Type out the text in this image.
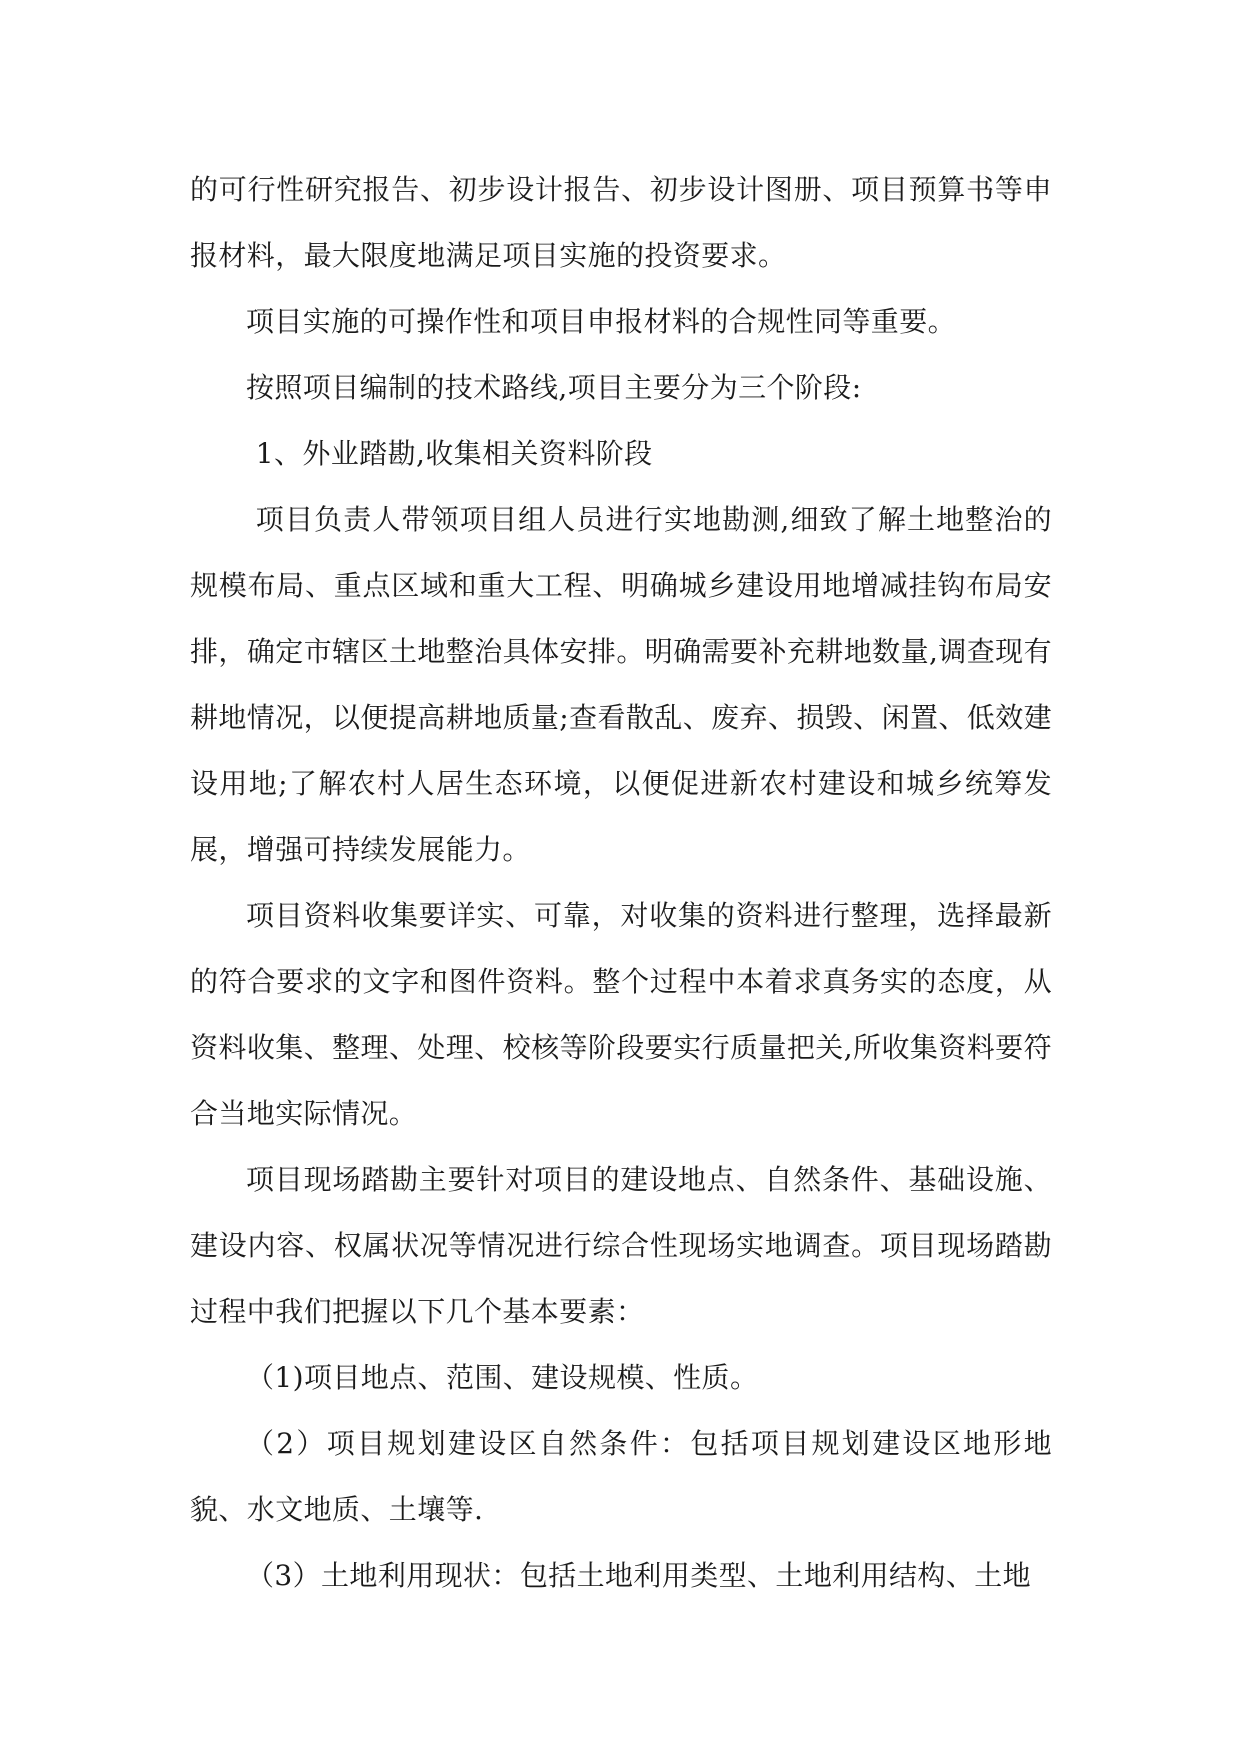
的可行性研究报告、初步设计报告、初步设计图册、项目预算书等申报材料，最大限度地满足项目实施的投资要求。

项目实施的可操作性和项目申报材料的合规性同等重要。

按照项目编制的技术路线,项目主要分为三个阶段:

1、外业踏勘,收集相关资料阶段

项目负责人带领项目组人员进行实地勘测,细致了解土地整治的规模布局、重点区域和重大工程、明确城乡建设用地增减挂钩布局安排，确定市辖区土地整治具体安排。明确需要补充耕地数量,调查现有耕地情况，以便提高耕地质量;查看散乱、废弃、损毁、闲置、低效建设用地;了解农村人居生态环境，以便促进新农村建设和城乡统筹发展，增强可持续发展能力。

项目资料收集要详实、可靠，对收集的资料进行整理，选择最新的符合要求的文字和图件资料。整个过程中本着求真务实的态度，从资料收集、整理、处理、校核等阶段要实行质量把关,所收集资料要符合当地实际情况。

项目现场踏勘主要针对项目的建设地点、自然条件、基础设施、建设内容、权属状况等情况进行综合性现场实地调查。项目现场踏勘过程中我们把握以下几个基本要素：

（1)项目地点、范围、建设规模、性质。

（2）项目规划建设区自然条件：包括项目规划建设区地形地貌、水文地质、土壤等.

（3）土地利用现状：包括土地利用类型、土地利用结构、土地
